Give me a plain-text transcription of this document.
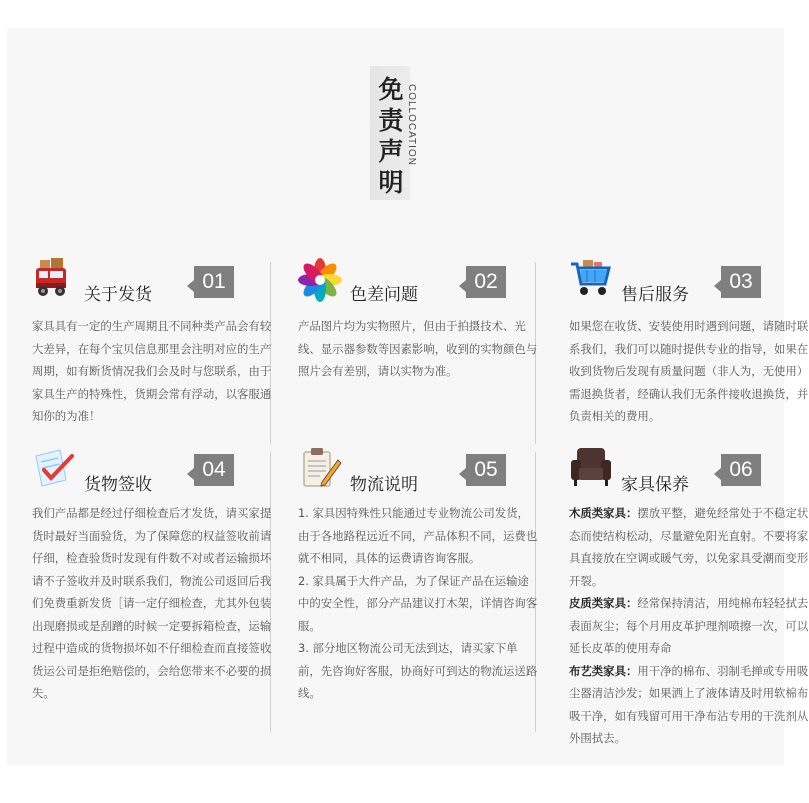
免
责
声
明
COLLOCATION
关于发货
01
家具具有一定的生产周期且不同种类产品会有较大差异，在每个宝贝信息那里会注明对应的生产周期，如有断货情况我们会及时与您联系，由于家具生产的特殊性，货期会常有浮动，以客服通知你的为准！
色差问题
02
产品图片均为实物照片，但由于拍摄技术、光线、显示器参数等因素影响，收到的实物颜色与照片会有差别，请以实物为准。
售后服务
03
如果您在收货、安装使用时遇到问题，请随时联系我们，我们可以随时提供专业的指导，如果在收到货物后发现有质量问题（非人为，无使用）需退换货者，经确认我们无条件接收退换货，并负责相关的费用。
货物签收
04
我们产品都是经过仔细检查后才发货，请买家提货时最好当面验货，为了保障您的权益签收前请仔细，检查验货时发现有件数不对或者运输损坏请不子签收并及时联系我们，物流公司返回后我们免费重新发货［请一定仔细检查，尤其外包装出现磨损或是刮蹭的时候一定要拆箱检查，运输过程中造成的货物损坏如不仔细检查而直接签收货运公司是拒绝赔偿的，会给您带来不必要的损失。
物流说明
05

1. 家具因特殊性只能通过专业物流公司发货，由于各地路程远近不同，产品体积不同，运费也就不相同，具体的运费请咨询客服。

2. 家具属于大件产品，为了保证产品在运输途中的安全性，部分产品建议打木架，详情咨询客服。

3. 部分地区物流公司无法到达，请买家下单前，先咨询好客服，协商好可到达的物流运送路线。

家具保养
06

木质类家具：摆放平整，避免经常处于不稳定状态而使结构松动，尽量避免阳光直射。不要将家具直接放在空调或暖气旁，以免家具受潮而变形开裂。

皮质类家具：经常保持清洁，用纯棉布轻轻拭去表面灰尘；每个月用皮革护理剂喷擦一次，可以延长皮革的使用寿命

布艺类家具：用干净的棉布、羽制毛掸或专用吸尘器清洁沙发；如果洒上了液体请及时用软棉布吸干净，如有残留可用干净布沾专用的干洗剂从外围拭去。
